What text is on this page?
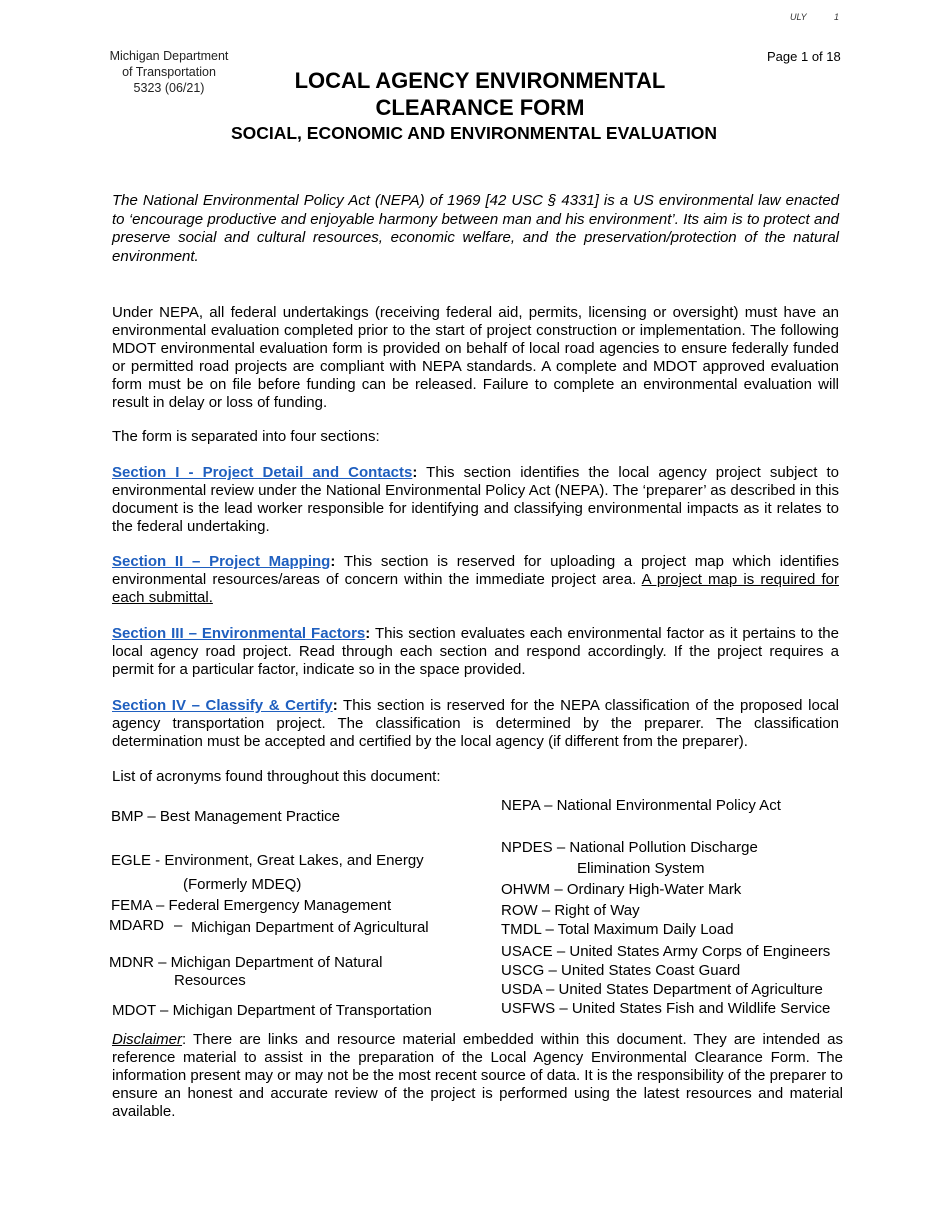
ULY	1
Michigan Department
of Transportation
5323 (06/21)
Page 1 of 18
LOCAL AGENCY ENVIRONMENTAL
CLEARANCE FORM
SOCIAL, ECONOMIC AND ENVIRONMENTAL EVALUATION
The National Environmental Policy Act (NEPA) of 1969 [42 USC § 4331] is a US environmental law enacted to ‘encourage productive and enjoyable harmony between man and his environment’. Its aim is to protect and preserve social and cultural resources, economic welfare, and the preservation/protection of the natural environment.
Under NEPA, all federal undertakings (receiving federal aid, permits, licensing or oversight) must have an environmental evaluation completed prior to the start of project construction or implementation. The following MDOT environmental evaluation form is provided on behalf of local road agencies to ensure federally funded or permitted road projects are compliant with NEPA standards. A complete and MDOT approved evaluation form must be on file before funding can be released. Failure to complete an environmental evaluation will result in delay or loss of funding.
The form is separated into four sections:
Section I - Project Detail and Contacts: This section identifies the local agency project subject to environmental review under the National Environmental Policy Act (NEPA). The ‘preparer’ as described in this document is the lead worker responsible for identifying and classifying environmental impacts as it relates to the federal undertaking.
Section II – Project Mapping: This section is reserved for uploading a project map which identifies environmental resources/areas of concern within the immediate project area. A project map is required for each submittal.
Section III – Environmental Factors: This section evaluates each environmental factor as it pertains to the local agency road project. Read through each section and respond accordingly. If the project requires a permit for a particular factor, indicate so in the space provided.
Section IV – Classify & Certify: This section is reserved for the NEPA classification of the proposed local agency transportation project. The classification is determined by the preparer. The classification determination must be accepted and certified by the local agency (if different from the preparer).
List of acronyms found throughout this document:
BMP – Best Management Practice
EGLE - Environment, Great Lakes, and Energy
(Formerly MDEQ)
FEMA – Federal Emergency Management
MDARD – Michigan Department of Agricultural
MDNR – Michigan Department of Natural
Resources
MDOT – Michigan Department of Transportation
NEPA – National Environmental Policy Act
NPDES – National Pollution Discharge
Elimination System
OHWM – Ordinary High-Water Mark
ROW – Right of Way
TMDL – Total Maximum Daily Load
USACE – United States Army Corps of Engineers
USCG – United States Coast Guard
USDA – United States Department of Agriculture
USFWS – United States Fish and Wildlife Service
Disclaimer: There are links and resource material embedded within this document. They are intended as reference material to assist in the preparation of the Local Agency Environmental Clearance Form. The information present may or may not be the most recent source of data. It is the responsibility of the preparer to ensure an honest and accurate review of the project is performed using the latest resources and material available.
